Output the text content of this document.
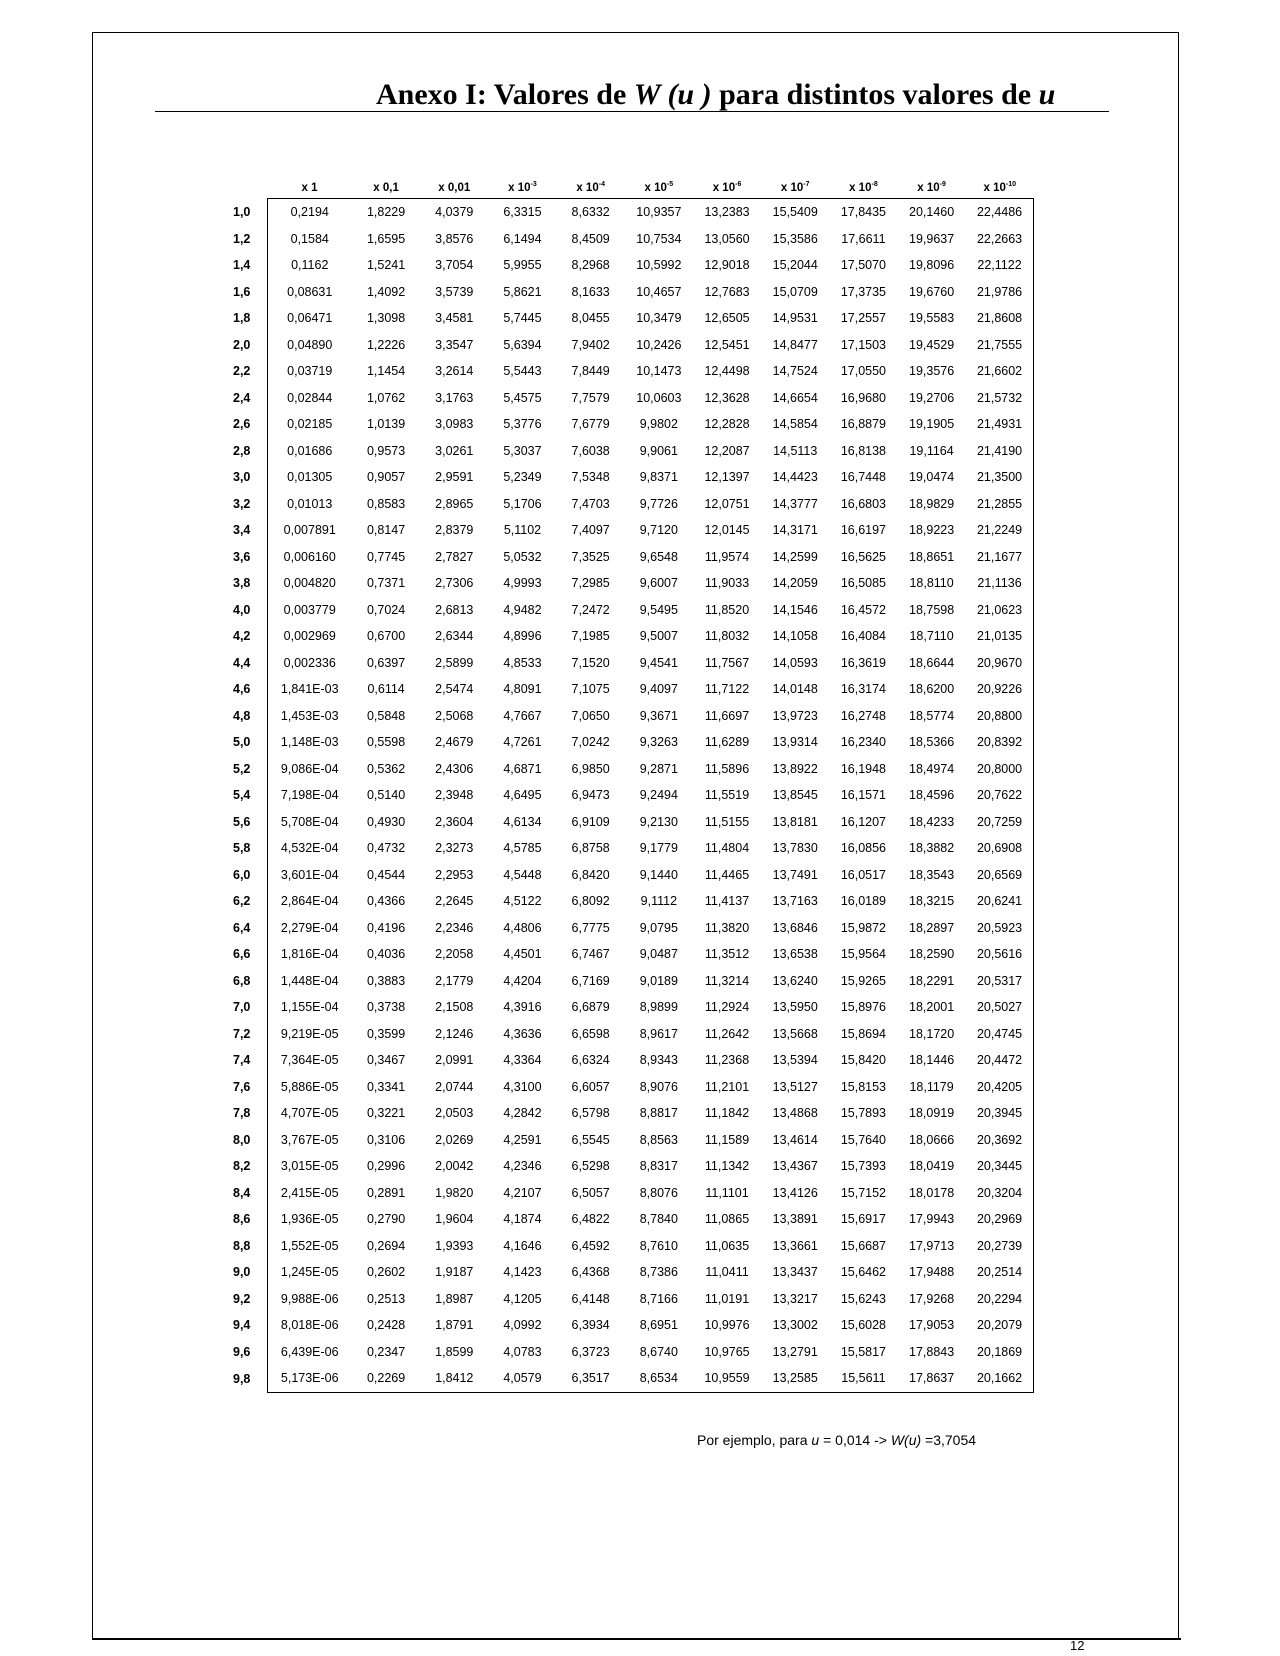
12
Anexo I: Valores de W (u ) para distintos valores de u
	x 1	x 0,1	x 0,01	x $10^{-3}$	x $10^{-4}$	x $10^{-5}$	x $10^{-6}$	x $10^{-7}$	x $10^{-8}$	x $10^{-9}$	x $10^{-10}$
1,0	0,2194	1,8229	4,0379	6,3315	8,6332	10,9357	13,2383	15,5409	17,8435	20,1460	22,4486
1,2	0,1584	1,6595	3,8576	6,1494	8,4509	10,7534	13,0560	15,3586	17,6611	19,9637	22,2663
1,4	0,1162	1,5241	3,7054	5,9955	8,2968	10,5992	12,9018	15,2044	17,5070	19,8096	22,1122
1,6	0,08631	1,4092	3,5739	5,8621	8,1633	10,4657	12,7683	15,0709	17,3735	19,6760	21,9786
1,8	0,06471	1,3098	3,4581	5,7445	8,0455	10,3479	12,6505	14,9531	17,2557	19,5583	21,8608
2,0	0,04890	1,2226	3,3547	5,6394	7,9402	10,2426	12,5451	14,8477	17,1503	19,4529	21,7555
2,2	0,03719	1,1454	3,2614	5,5443	7,8449	10,1473	12,4498	14,7524	17,0550	19,3576	21,6602
2,4	0,02844	1,0762	3,1763	5,4575	7,7579	10,0603	12,3628	14,6654	16,9680	19,2706	21,5732
2,6	0,02185	1,0139	3,0983	5,3776	7,6779	9,9802	12,2828	14,5854	16,8879	19,1905	21,4931
2,8	0,01686	0,9573	3,0261	5,3037	7,6038	9,9061	12,2087	14,5113	16,8138	19,1164	21,4190
3,0	0,01305	0,9057	2,9591	5,2349	7,5348	9,8371	12,1397	14,4423	16,7448	19,0474	21,3500
3,2	0,01013	0,8583	2,8965	5,1706	7,4703	9,7726	12,0751	14,3777	16,6803	18,9829	21,2855
3,4	0,007891	0,8147	2,8379	5,1102	7,4097	9,7120	12,0145	14,3171	16,6197	18,9223	21,2249
3,6	0,006160	0,7745	2,7827	5,0532	7,3525	9,6548	11,9574	14,2599	16,5625	18,8651	21,1677
3,8	0,004820	0,7371	2,7306	4,9993	7,2985	9,6007	11,9033	14,2059	16,5085	18,8110	21,1136
4,0	0,003779	0,7024	2,6813	4,9482	7,2472	9,5495	11,8520	14,1546	16,4572	18,7598	21,0623
4,2	0,002969	0,6700	2,6344	4,8996	7,1985	9,5007	11,8032	14,1058	16,4084	18,7110	21,0135
4,4	0,002336	0,6397	2,5899	4,8533	7,1520	9,4541	11,7567	14,0593	16,3619	18,6644	20,9670
4,6	1,841E-03	0,6114	2,5474	4,8091	7,1075	9,4097	11,7122	14,0148	16,3174	18,6200	20,9226
4,8	1,453E-03	0,5848	2,5068	4,7667	7,0650	9,3671	11,6697	13,9723	16,2748	18,5774	20,8800
5,0	1,148E-03	0,5598	2,4679	4,7261	7,0242	9,3263	11,6289	13,9314	16,2340	18,5366	20,8392
5,2	9,086E-04	0,5362	2,4306	4,6871	6,9850	9,2871	11,5896	13,8922	16,1948	18,4974	20,8000
5,4	7,198E-04	0,5140	2,3948	4,6495	6,9473	9,2494	11,5519	13,8545	16,1571	18,4596	20,7622
5,6	5,708E-04	0,4930	2,3604	4,6134	6,9109	9,2130	11,5155	13,8181	16,1207	18,4233	20,7259
5,8	4,532E-04	0,4732	2,3273	4,5785	6,8758	9,1779	11,4804	13,7830	16,0856	18,3882	20,6908
6,0	3,601E-04	0,4544	2,2953	4,5448	6,8420	9,1440	11,4465	13,7491	16,0517	18,3543	20,6569
6,2	2,864E-04	0,4366	2,2645	4,5122	6,8092	9,1112	11,4137	13,7163	16,0189	18,3215	20,6241
6,4	2,279E-04	0,4196	2,2346	4,4806	6,7775	9,0795	11,3820	13,6846	15,9872	18,2897	20,5923
6,6	1,816E-04	0,4036	2,2058	4,4501	6,7467	9,0487	11,3512	13,6538	15,9564	18,2590	20,5616
6,8	1,448E-04	0,3883	2,1779	4,4204	6,7169	9,0189	11,3214	13,6240	15,9265	18,2291	20,5317
7,0	1,155E-04	0,3738	2,1508	4,3916	6,6879	8,9899	11,2924	13,5950	15,8976	18,2001	20,5027
7,2	9,219E-05	0,3599	2,1246	4,3636	6,6598	8,9617	11,2642	13,5668	15,8694	18,1720	20,4745
7,4	7,364E-05	0,3467	2,0991	4,3364	6,6324	8,9343	11,2368	13,5394	15,8420	18,1446	20,4472
7,6	5,886E-05	0,3341	2,0744	4,3100	6,6057	8,9076	11,2101	13,5127	15,8153	18,1179	20,4205
7,8	4,707E-05	0,3221	2,0503	4,2842	6,5798	8,8817	11,1842	13,4868	15,7893	18,0919	20,3945
8,0	3,767E-05	0,3106	2,0269	4,2591	6,5545	8,8563	11,1589	13,4614	15,7640	18,0666	20,3692
8,2	3,015E-05	0,2996	2,0042	4,2346	6,5298	8,8317	11,1342	13,4367	15,7393	18,0419	20,3445
8,4	2,415E-05	0,2891	1,9820	4,2107	6,5057	8,8076	11,1101	13,4126	15,7152	18,0178	20,3204
8,6	1,936E-05	0,2790	1,9604	4,1874	6,4822	8,7840	11,0865	13,3891	15,6917	17,9943	20,2969
8,8	1,552E-05	0,2694	1,9393	4,1646	6,4592	8,7610	11,0635	13,3661	15,6687	17,9713	20,2739
9,0	1,245E-05	0,2602	1,9187	4,1423	6,4368	8,7386	11,0411	13,3437	15,6462	17,9488	20,2514
9,2	9,988E-06	0,2513	1,8987	4,1205	6,4148	8,7166	11,0191	13,3217	15,6243	17,9268	20,2294
9,4	8,018E-06	0,2428	1,8791	4,0992	6,3934	8,6951	10,9976	13,3002	15,6028	17,9053	20,2079
9,6	6,439E-06	0,2347	1,8599	4,0783	6,3723	8,6740	10,9765	13,2791	15,5817	17,8843	20,1869
9,8	5,173E-06	0,2269	1,8412	4,0579	6,3517	8,6534	10,9559	13,2585	15,5611	17,8637	20,1662
Por ejemplo, para u = 0,014 -> W(u) =3,7054
